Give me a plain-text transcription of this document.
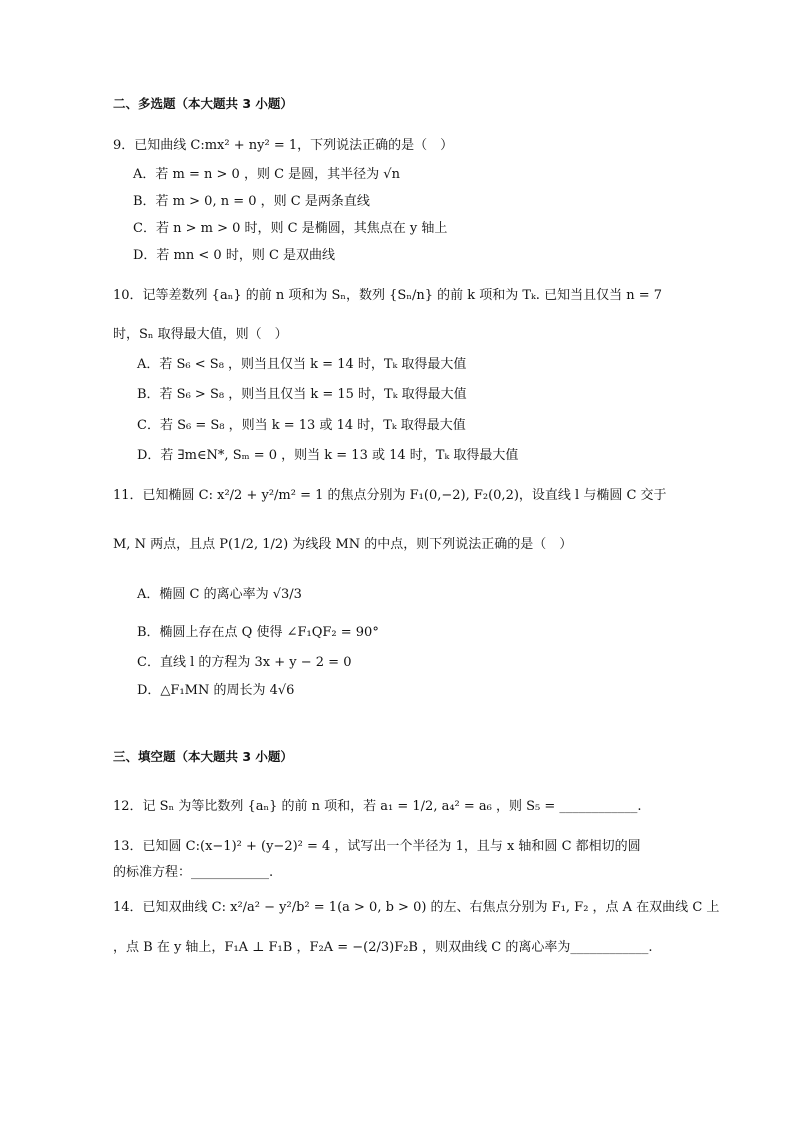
二、多选题（本大题共 3 小题）
9．已知曲线 C:mx² + ny² = 1，下列说法正确的是（　）
A．若 m = n > 0 ，则 C 是圆，其半径为 √n
B．若 m > 0, n = 0 ，则 C 是两条直线
C．若 n > m > 0 时，则 C 是椭圆，其焦点在 y 轴上
D．若 mn < 0 时，则 C 是双曲线
10．记等差数列 {aₙ} 的前 n 项和为 Sₙ，数列 {Sₙ/n} 的前 k 项和为 Tₖ. 已知当且仅当 n = 7
时，Sₙ 取得最大值，则（　）
A．若 S₆ < S₈ ，则当且仅当 k = 14 时，Tₖ 取得最大值
B．若 S₆ > S₈ ，则当且仅当 k = 15 时，Tₖ 取得最大值
C．若 S₆ = S₈ ，则当 k = 13 或 14 时，Tₖ 取得最大值
D．若 ∃m∈N*, Sₘ = 0 ，则当 k = 13 或 14 时，Tₖ 取得最大值
11．已知椭圆 C: x²/2 + y²/m² = 1 的焦点分别为 F₁(0,−2), F₂(0,2)，设直线 l 与椭圆 C 交于
M, N 两点，且点 P(1/2, 1/2) 为线段 MN 的中点，则下列说法正确的是（　）
A．椭圆 C 的离心率为 √3/3
B．椭圆上存在点 Q 使得 ∠F₁QF₂ = 90°
C．直线 l 的方程为 3x + y − 2 = 0
D．△F₁MN 的周长为 4√6
三、填空题（本大题共 3 小题）
12．记 Sₙ 为等比数列 {aₙ} 的前 n 项和，若 a₁ = 1/2, a₄² = a₆ ，则 S₅ = ____________.
13．已知圆 C:(x−1)² + (y−2)² = 4 ，试写出一个半径为 1，且与 x 轴和圆 C 都相切的圆
的标准方程：____________.
14．已知双曲线 C: x²/a² − y²/b² = 1(a > 0, b > 0) 的左、右焦点分别为 F₁, F₂ ，点 A 在双曲线 C 上
，点 B 在 y 轴上，F₁A ⊥ F₁B ，F₂A = −(2/3)F₂B ，则双曲线 C 的离心率为____________.
